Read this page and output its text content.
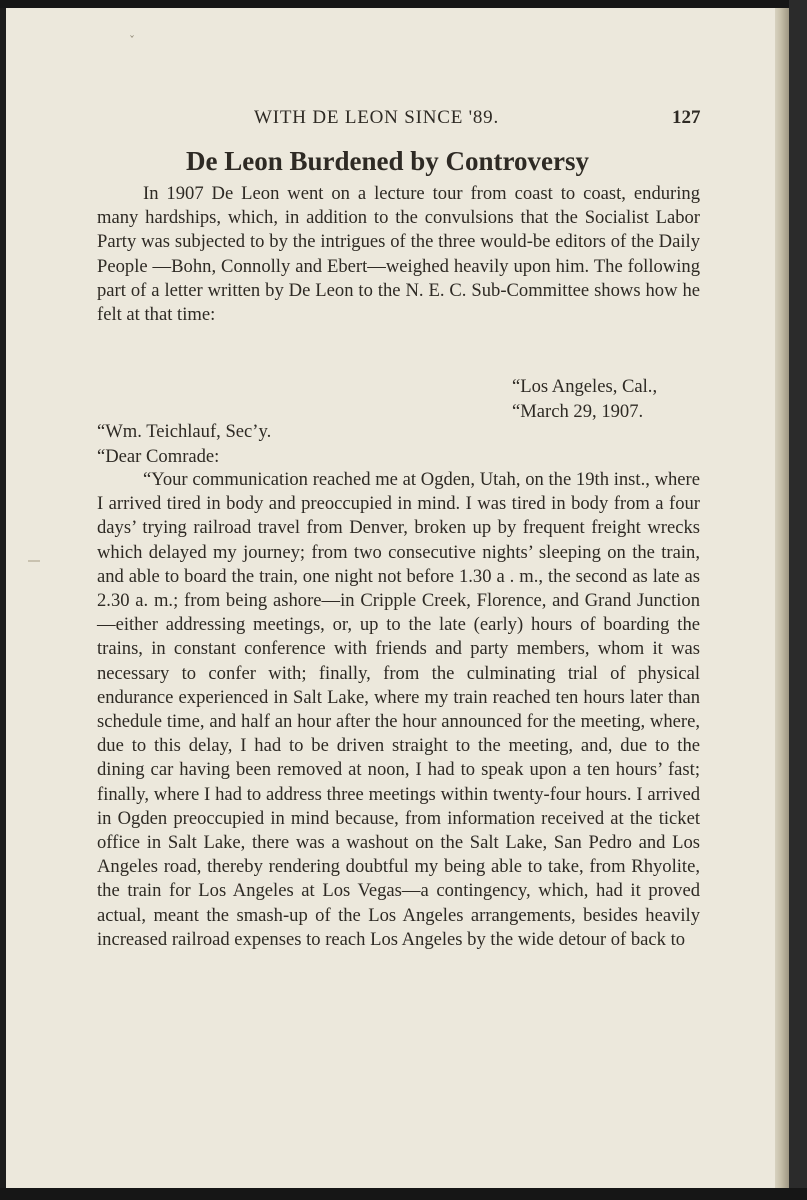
ˇ
WITH DE LEON SINCE '89.	127
De Leon Burdened by Controversy
In 1907 De Leon went on a lecture tour from coast to coast, enduring many hardships, which, in addition to the convulsions that the Socialist Labor Party was subjected to by the intrigues of the three would-be editors of the Daily People —Bohn, Connolly and Ebert—weighed heavily upon him. The following part of a letter written by De Leon to the N. E. C. Sub-Committee shows how he felt at that time:
“Los Angeles, Cal.,
“March 29, 1907.
“Wm. Teichlauf, Sec’y.
“Dear Comrade:
“Your communication reached me at Ogden, Utah, on the 19th inst., where I arrived tired in body and preoccupied in mind. I was tired in body from a four days’ trying railroad travel from Denver, broken up by frequent freight wrecks which delayed my journey; from two consecutive nights’ sleeping on the train, and able to board the train, one night not before 1.30 a . m., the second as late as 2.30 a. m.; from being ashore—in Cripple Creek, Florence, and Grand Junction—either addressing meetings, or, up to the late (early) hours of boarding the trains, in constant conference with friends and party members, whom it was necessary to confer with; finally, from the culminating trial of physical endurance experienced in Salt Lake, where my train reached ten hours later than schedule time, and half an hour after the hour announced for the meeting, where, due to this delay, I had to be driven straight to the meeting, and, due to the dining car having been removed at noon, I had to speak upon a ten hours’ fast; finally, where I had to address three meetings within twenty-four hours. I arrived in Ogden preoccupied in mind because, from information received at the ticket office in Salt Lake, there was a washout on the Salt Lake, San Pedro and Los Angeles road, thereby rendering doubtful my being able to take, from Rhyolite, the train for Los Angeles at Los Vegas—a contingency, which, had it proved actual, meant the smash-up of the Los Angeles arrangements, besides heavily increased railroad expenses to reach Los Angeles by the wide detour of back to
